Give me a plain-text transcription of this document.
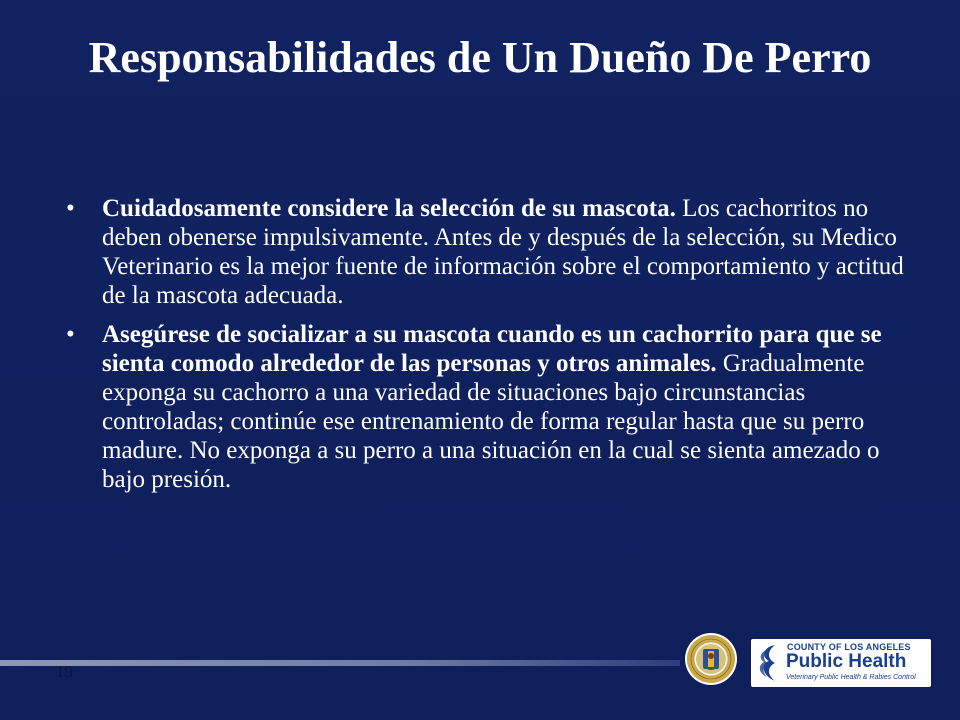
Responsabilidades de Un Dueño De Perro
• Cuidadosamente considere la selección de su mascota. Los cachorritos no deben obenerse impulsivamente. Antes de y después de la selección, su Medico Veterinario es la mejor fuente de información sobre el comportamiento y actitud de la mascota adecuada.
• Asegúrese de socializar a su mascota cuando es un cachorrito para que se sienta comodo alrededor de las personas y otros animales. Gradualmente exponga su cachorro a una variedad de situaciones bajo circunstancias controladas; continúe ese entrenamiento de forma regular hasta que su perro madure. No exponga a su perro a una situación en la cual se sienta amezado o bajo presión.
19
COUNTY OF LOS ANGELES
Public Health
Veterinary Public Health & Rabies Control
